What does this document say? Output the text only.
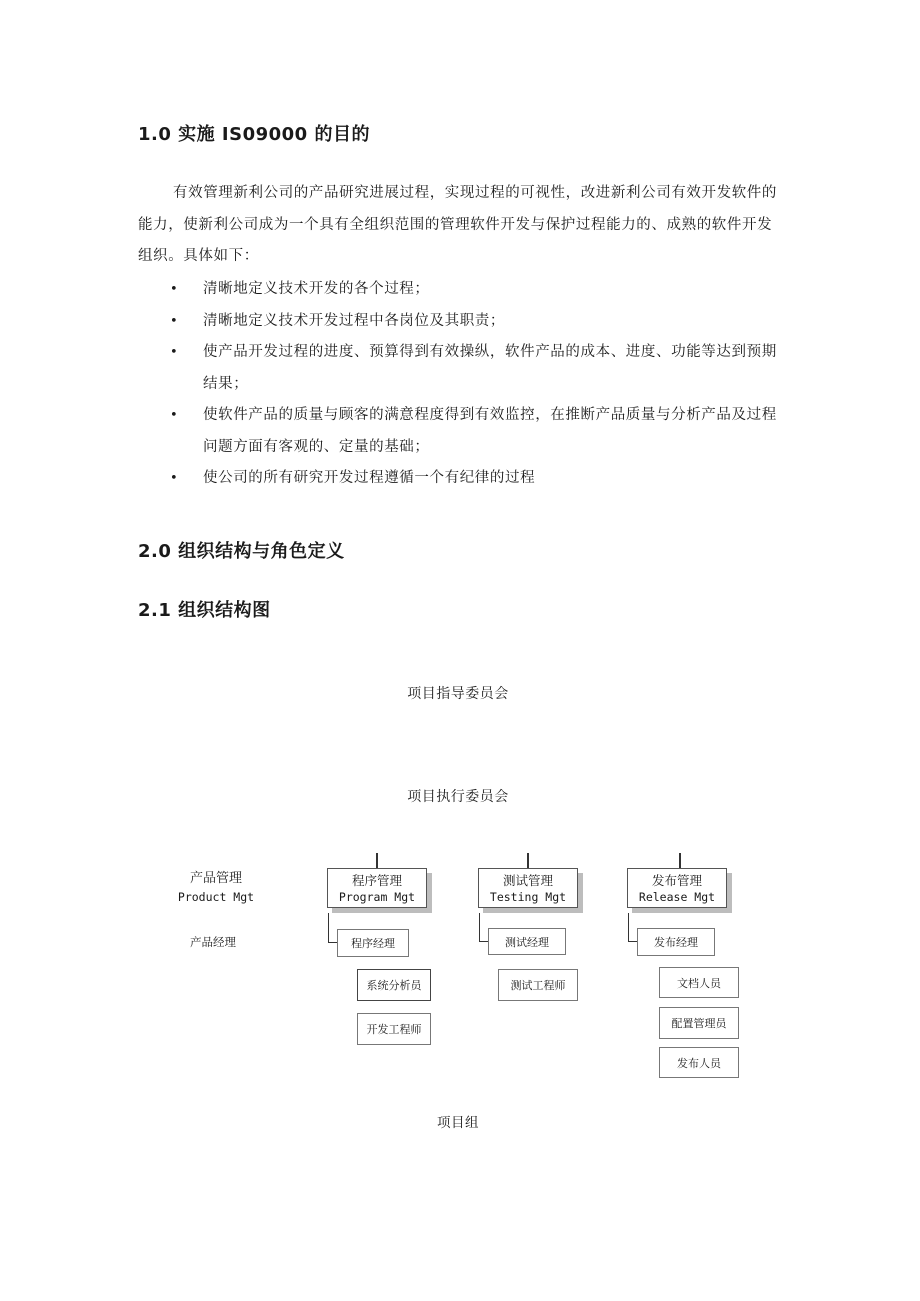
1.0 实施 IS09000 的目的

有效管理新利公司的产品研究进展过程，实现过程的可视性，改进新利公司有效开发软件的能力，使新利公司成为一个具有全组织范围的管理软件开发与保护过程能力的、成熟的软件开发组织。具体如下：

• 清晰地定义技术开发的各个过程；
• 清晰地定义技术开发过程中各岗位及其职责；
• 使产品开发过程的进度、预算得到有效操纵，软件产品的成本、进度、功能等达到预期结果；
• 使软件产品的质量与顾客的满意程度得到有效监控，在推断产品质量与分析产品及过程问题方面有客观的、定量的基础；
• 使公司的所有研究开发过程遵循一个有纪律的过程
2.0 组织结构与角色定义
2.1 组织结构图
项目指导委员会
项目执行委员会
产品管理
Product Mgt
产品经理
程序管理
Program Mgt
程序经理
系统分析员
开发工程师
测试管理
Testing Mgt
测试经理
测试工程师
发布管理
Release Mgt
发布经理
文档人员
配置管理员
发布人员
项目组
